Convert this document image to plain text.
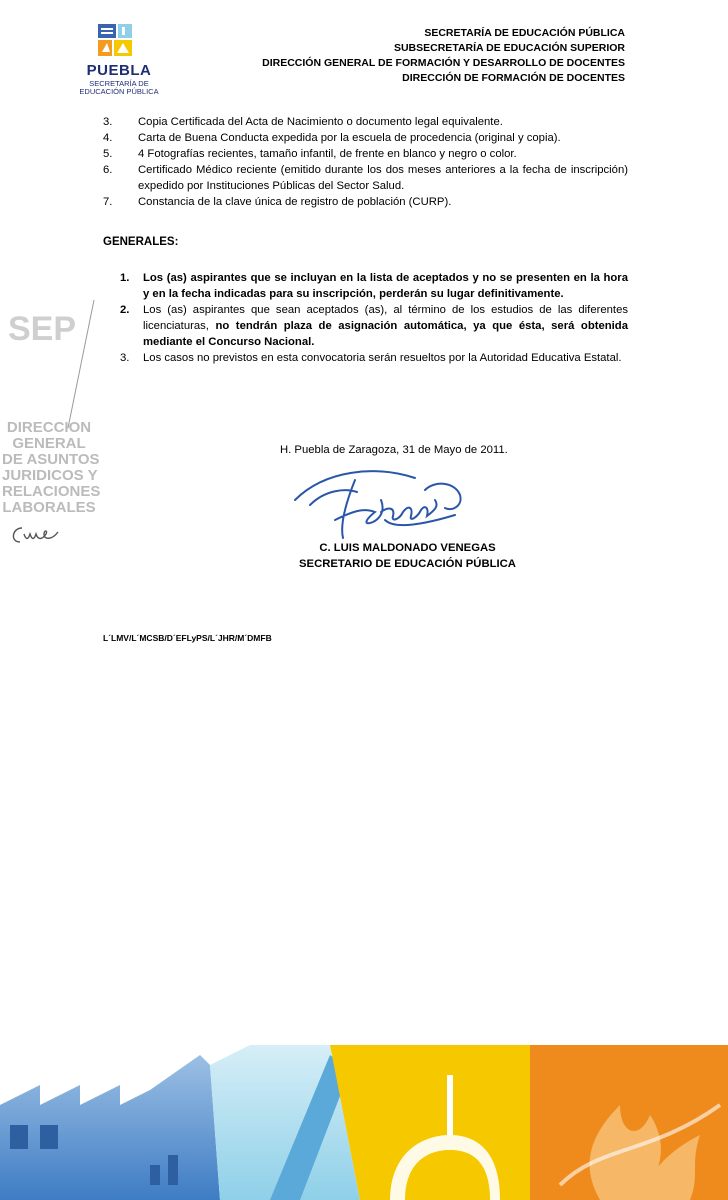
PUEBLA
SECRETARÍA DE
EDUCACIÓN PÚBLICA
SECRETARÍA DE EDUCACIÓN PÚBLICA
SUBSECRETARÍA DE EDUCACIÓN SUPERIOR
DIRECCIÓN GENERAL DE FORMACIÓN Y DESARROLLO DE DOCENTES
DIRECCIÓN DE FORMACIÓN DE DOCENTES
SEP
DIRECCION
GENERAL
DE ASUNTOS
JURIDICOS Y
RELACIONES
LABORALES
3. Copia Certificada del Acta de Nacimiento o documento legal equivalente.
4. Carta de Buena Conducta expedida por la escuela de procedencia (original y copia).
5. 4 Fotografías recientes, tamaño infantil, de frente en blanco y negro o color.
6. Certificado Médico reciente (emitido durante los dos meses anteriores a la fecha de inscripción) expedido por Instituciones Públicas del Sector Salud.
7. Constancia de la clave única de registro de población (CURP).
GENERALES:
1. Los (as) aspirantes que se incluyan en la lista de aceptados y no se presenten en la hora y en la fecha indicadas para su inscripción, perderán su lugar definitivamente.
2. Los (as) aspirantes que sean aceptados (as), al término de los estudios de las diferentes licenciaturas, no tendrán plaza de asignación automática, ya que ésta, será obtenida mediante el Concurso Nacional.
3. Los casos no previstos en esta convocatoria serán resueltos por la Autoridad Educativa Estatal.
H. Puebla de Zaragoza, 31 de Mayo de 2011.
C. LUIS MALDONADO VENEGAS
SECRETARIO DE EDUCACIÓN PÚBLICA
L´LMV/L´MCSB/D´EFLyPS/L´JHR/M´DMFB
